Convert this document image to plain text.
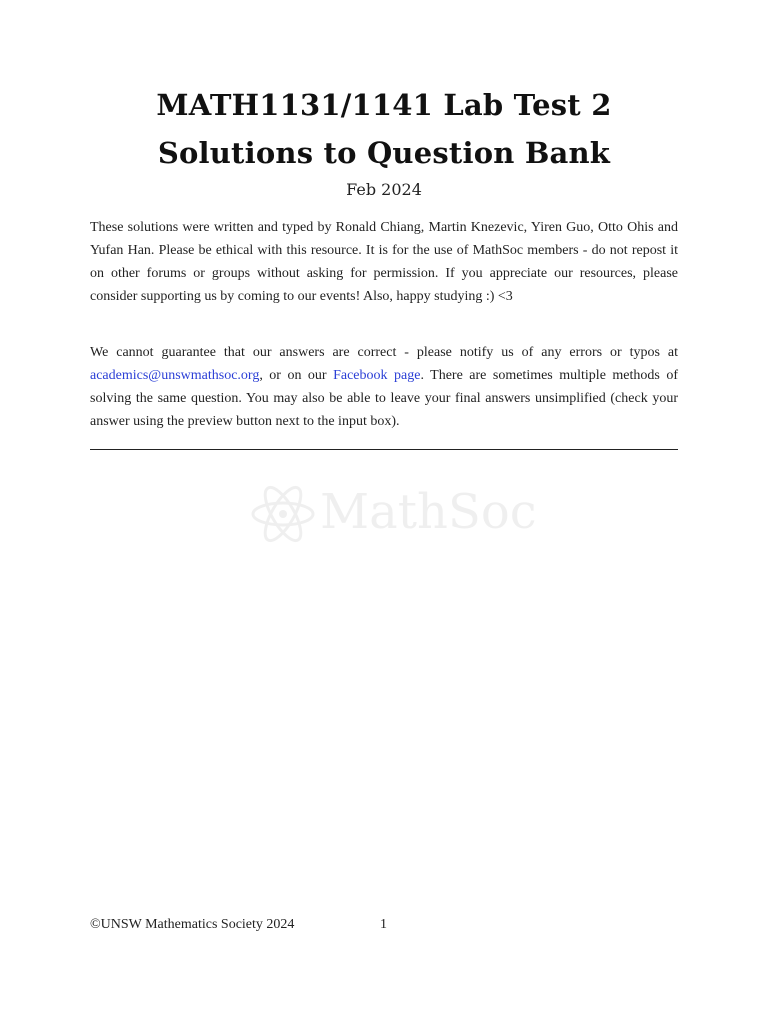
MATH1131/1141 Lab Test 2
Solutions to Question Bank
Feb 2024

These solutions were written and typed by Ronald Chiang, Martin Knezevic, Yiren Guo, Otto Ohis and Yufan Han. Please be ethical with this resource. It is for the use of MathSoc members - do not repost it on other forums or groups without asking for permission. If you appreciate our resources, please consider supporting us by coming to our events! Also, happy studying :) <3

We cannot guarantee that our answers are correct - please notify us of any errors or typos at academics@unswmathsoc.org, or on our Facebook page. There are sometimes multiple methods of solving the same question. You may also be able to leave your final answers unsimplified (check your answer using the preview button next to the input box).

MathSoc
©UNSW Mathematics Society 2024	1
